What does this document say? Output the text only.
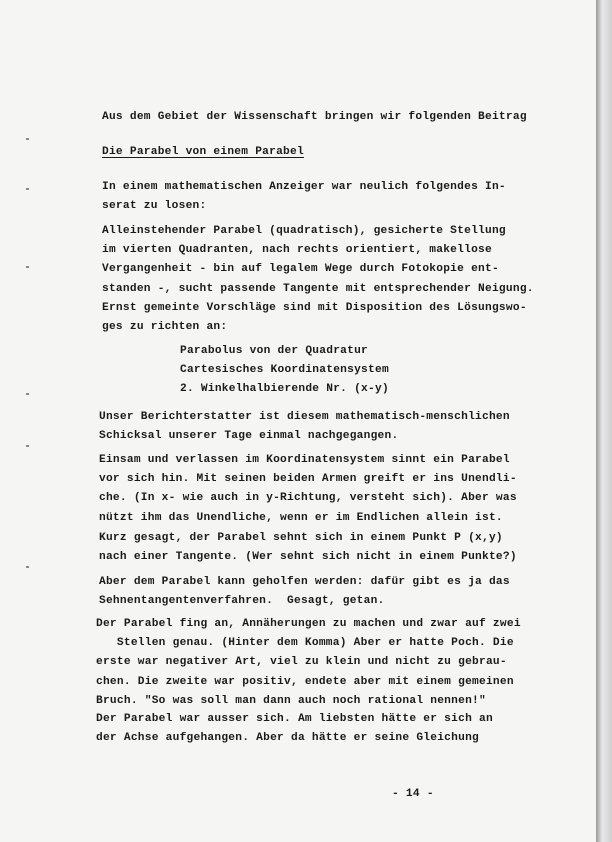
Aus dem Gebiet der Wissenschaft bringen wir folgenden Beitrag
Die Parabel von einem Parabel
In einem mathematischen Anzeiger war neulich folgendes In-
serat zu losen:
Alleinstehender Parabel (quadratisch), gesicherte Stellung
im vierten Quadranten, nach rechts orientiert, makellose
Vergangenheit - bin auf legalem Wege durch Fotokopie ent-
standen -, sucht passende Tangente mit entsprechender Neigung.
Ernst gemeinte Vorschläge sind mit Disposition des Lösungswo-
ges zu richten an:
Parabolus von der Quadratur
Cartesisches Koordinatensystem
2. Winkelhalbierende Nr. (x-y)
Unser Berichterstatter ist diesem mathematisch-menschlichen
Schicksal unserer Tage einmal nachgegangen.
Einsam und verlassen im Koordinatensystem sinnt ein Parabel
vor sich hin. Mit seinen beiden Armen greift er ins Unendli-
che. (In x- wie auch in y-Richtung, versteht sich). Aber was
nützt ihm das Unendliche, wenn er im Endlichen allein ist.
Kurz gesagt, der Parabel sehnt sich in einem Punkt P (x,y)
nach einer Tangente. (Wer sehnt sich nicht in einem Punkte?)
Aber dem Parabel kann geholfen werden: dafür gibt es ja das
Sehnentangentenverfahren.  Gesagt, getan.
Der Parabel fing an, Annäherungen zu machen und zwar auf zwei
Stellen genau. (Hinter dem Komma) Aber er hatte Poch. Die
erste war negativer Art, viel zu klein und nicht zu gebrau-
chen. Die zweite war positiv, endete aber mit einem gemeinen
Bruch. "So was soll man dann auch noch rational nennen!"
Der Parabel war ausser sich. Am liebsten hätte er sich an
der Achse aufgehangen. Aber da hätte er seine Gleichung
- 14 -
